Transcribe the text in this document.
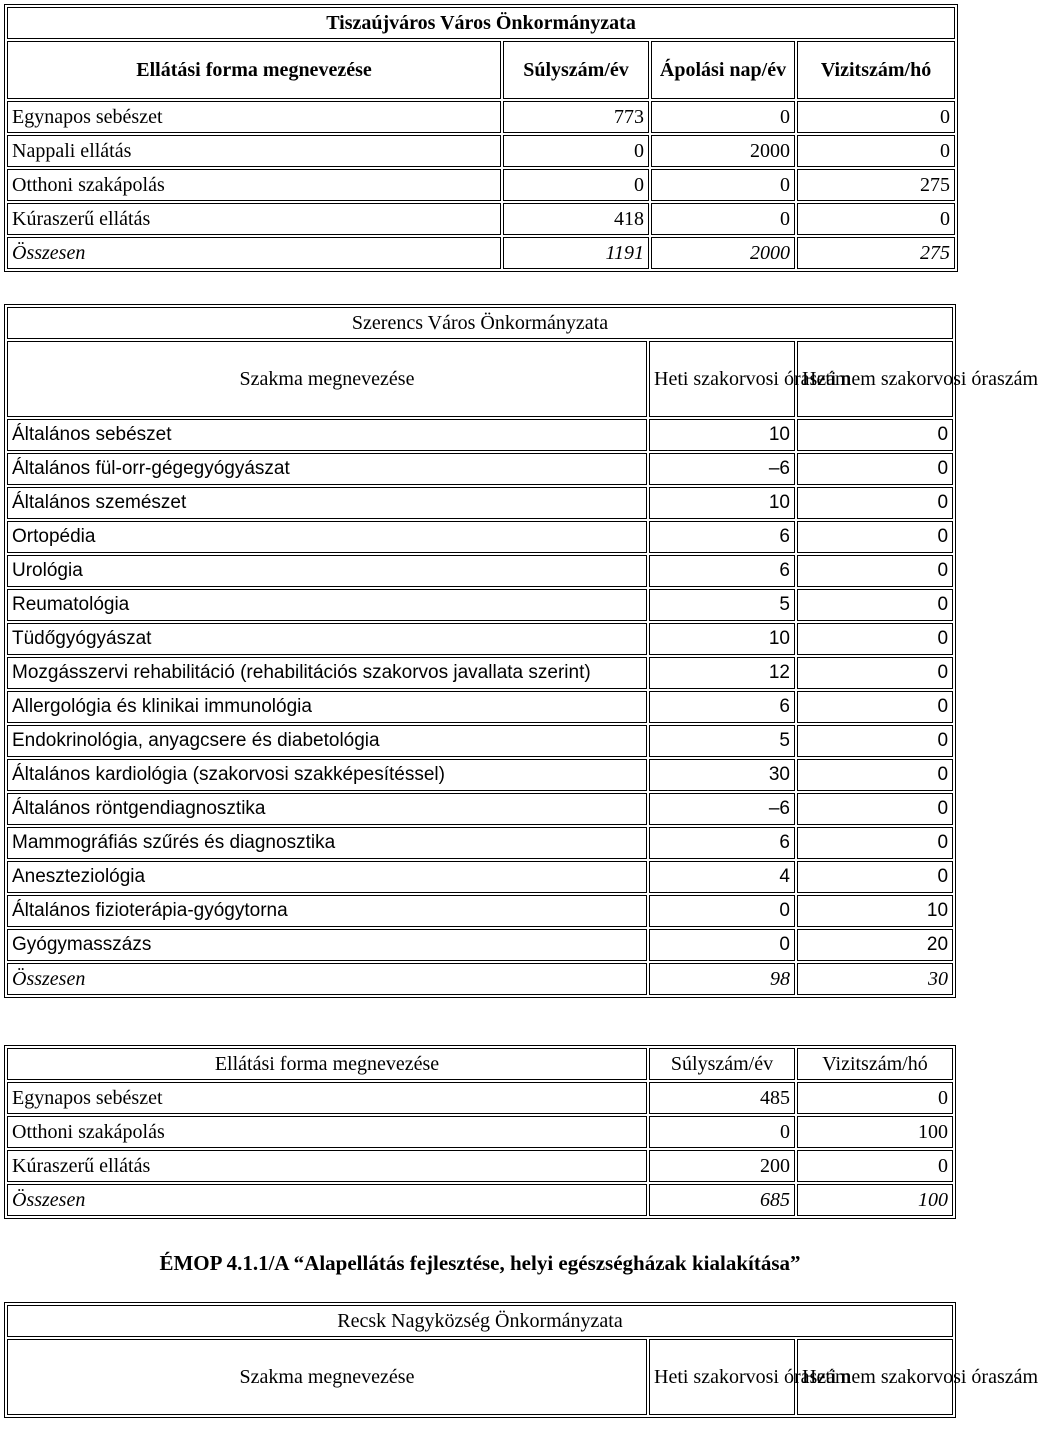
Tiszaújváros Város Önkormányzata			
Ellátási forma megnevezése	Súlyszám/év	Ápolási nap/év	Vizitszám/hó
Egynapos sebészet	773	0	0
Nappali ellátás	0	2000	0
Otthoni szakápolás	0	0	275
Kúraszerű ellátás	418	0	0
Összesen	1191	2000	275
Szerencs Város Önkormányzata		
Szakma megnevezése	Heti szakorvosi óraszám	Heti nem szakorvosi óraszám
Általános sebészet	10	0
Általános fül-orr-gégegyógyászat	–6	0
Általános szemészet	10	0
Ortopédia	6	0
Urológia	6	0
Reumatológia	5	0
Tüdőgyógyászat	10	0
Mozgásszervi rehabilitáció (rehabilitációs szakorvos javallata szerint)	12	0
Allergológia és klinikai immunológia	6	0
Endokrinológia, anyagcsere és diabetológia	5	0
Általános kardiológia (szakorvosi szakképesítéssel)	30	0
Általános röntgendiagnosztika	–6	0
Mammográfiás szűrés és diagnosztika	6	0
Aneszteziológia	4	0
Általános fizioterápia-gyógytorna	0	10
Gyógymasszázs	0	20
Összesen	98	30
Ellátási forma megnevezése	Súlyszám/év	Vizitszám/hó
Egynapos sebészet	485	0
Otthoni szakápolás	0	100
Kúraszerű ellátás	200	0
Összesen	685	100
ÉMOP 4.1.1/A “Alapellátás fejlesztése, helyi egészségházak kialakítása”
Recsk Nagyközség Önkormányzata
Szakma megnevezése	Heti szakorvosi óraszám	Heti nem szakorvosi óraszám
